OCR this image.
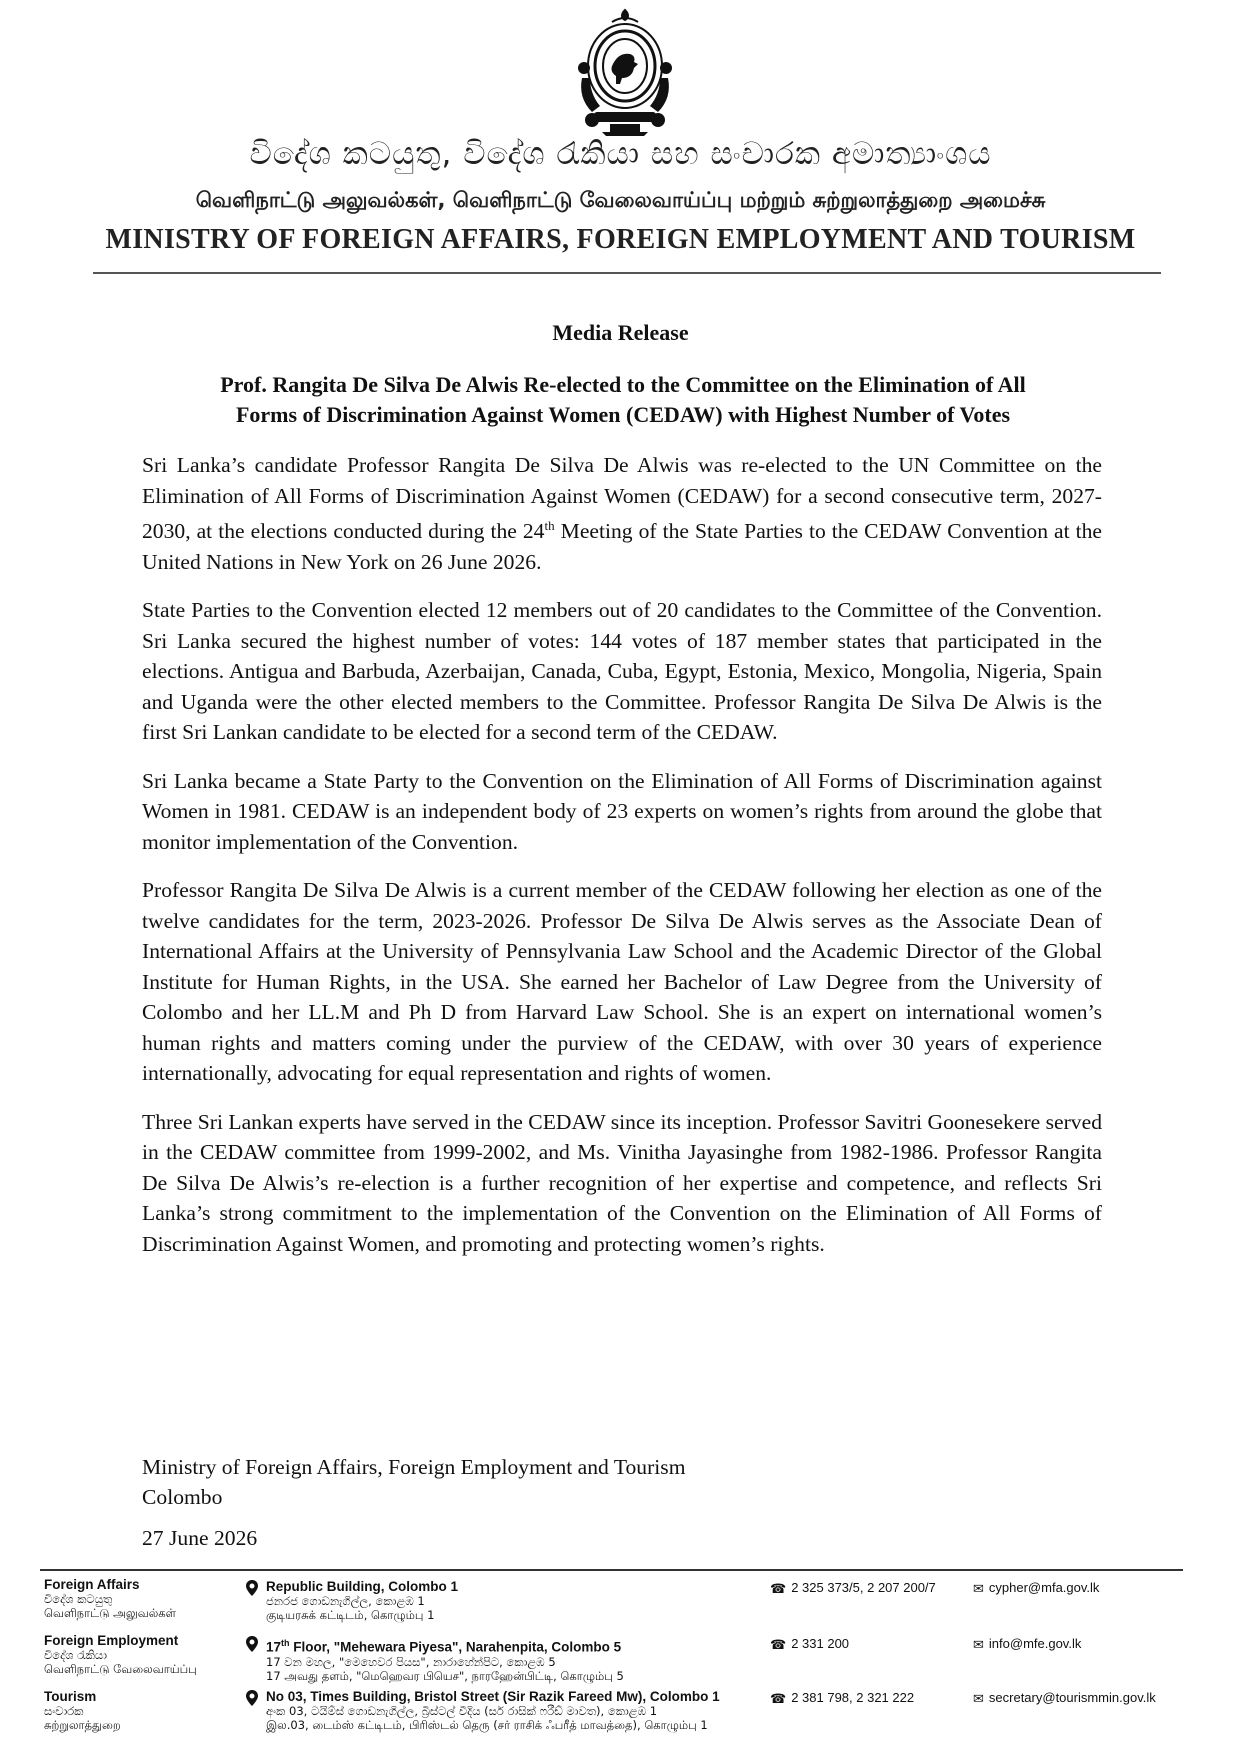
විදේශ කටයුතු, විදේශ රැකියා සහ සංචාරක අමාත්‍යාංශය
வெளிநாட்டு அலுவல்கள், வெளிநாட்டு வேலைவாய்ப்பு மற்றும் சுற்றுலாத்துறை அமைச்சு
MINISTRY OF FOREIGN AFFAIRS, FOREIGN EMPLOYMENT AND TOURISM
Media Release
Prof. Rangita De Silva De Alwis Re-elected to the Committee on the Elimination of All
Forms of Discrimination Against Women (CEDAW) with Highest Number of Votes

Sri Lanka’s candidate Professor Rangita De Silva De Alwis was re-elected to the UN Committee on the Elimination of All Forms of Discrimination Against Women (CEDAW) for a second consecutive term, 2027-2030, at the elections conducted during the 24th Meeting of the State Parties to the CEDAW Convention at the United Nations in New York on 26 June 2026.

State Parties to the Convention elected 12 members out of 20 candidates to the Committee of the Convention. Sri Lanka secured the highest number of votes: 144 votes of 187 member states that participated in the elections. Antigua and Barbuda, Azerbaijan, Canada, Cuba, Egypt, Estonia, Mexico, Mongolia, Nigeria, Spain and Uganda were the other elected members to the Committee. Professor Rangita De Silva De Alwis is the first Sri Lankan candidate to be elected for a second term of the CEDAW.

Sri Lanka became a State Party to the Convention on the Elimination of All Forms of Discrimination against Women in 1981. CEDAW is an independent body of 23 experts on women’s rights from around the globe that monitor implementation of the Convention.

Professor Rangita De Silva De Alwis is a current member of the CEDAW following her election as one of the twelve candidates for the term, 2023-2026. Professor De Silva De Alwis serves as the Associate Dean of International Affairs at the University of Pennsylvania Law School and the Academic Director of the Global Institute for Human Rights, in the USA. She earned her Bachelor of Law Degree from the University of Colombo and her LL.M and Ph D from Harvard Law School. She is an expert on international women’s human rights and matters coming under the purview of the CEDAW, with over 30 years of experience internationally, advocating for equal representation and rights of women.

Three Sri Lankan experts have served in the CEDAW since its inception. Professor Savitri Goonesekere served in the CEDAW committee from 1999-2002, and Ms. Vinitha Jayasinghe from 1982-1986. Professor Rangita De Silva De Alwis’s re-election is a further recognition of her expertise and competence, and reflects Sri Lanka’s strong commitment to the implementation of the Convention on the Elimination of All Forms of Discrimination Against Women, and promoting and protecting women’s rights.

Ministry of Foreign Affairs, Foreign Employment and Tourism
Colombo
27 June 2026
Foreign Affairs
විදේශ කටයුතු
வெளிநாட்டு அலுவல்கள்
Republic Building, Colombo 1
ජනරජ ගොඩනැගිල්ල, කොළඹ 1
குடியரசுக் கட்டிடம், கொழும்பு 1
☎ 2 325 373/5, 2 207 200/7	✉ cypher@mfa.gov.lk
Foreign Employment
විදේශ රැකියා
வெளிநாட்டு வேலைவாய்ப்பு
17th Floor, "Mehewara Piyesa", Narahenpita, Colombo 5
17 වන මහල, "මෙහෙවර පියස", නාරාහේන්පිට, කොළඹ 5
17 அவது தளம், "மெஹெவர பியெச", நாரஹேன்பிட்டி, கொழும்பு 5
☎ 2 331 200	✉ info@mfe.gov.lk
Tourism
සංචාරක
சுற்றுலாத்துறை
No 03, Times Building, Bristol Street (Sir Razik Fareed Mw), Colombo 1
අංක 03, ටයිම්ස් ගොඩනැගිල්ල, බ්‍රිස්ටල් වීදිය (සර් රාසික් ෆරීඩ් මාවත), කොළඹ 1
இல.03, டைம்ஸ் கட்டிடம், பிரிஸ்டல் தெரு (சர் ராசிக் ஃபரீத் மாவத்தை), கொழும்பு 1
☎ 2 381 798, 2 321 222	✉ secretary@tourismmin.gov.lk
